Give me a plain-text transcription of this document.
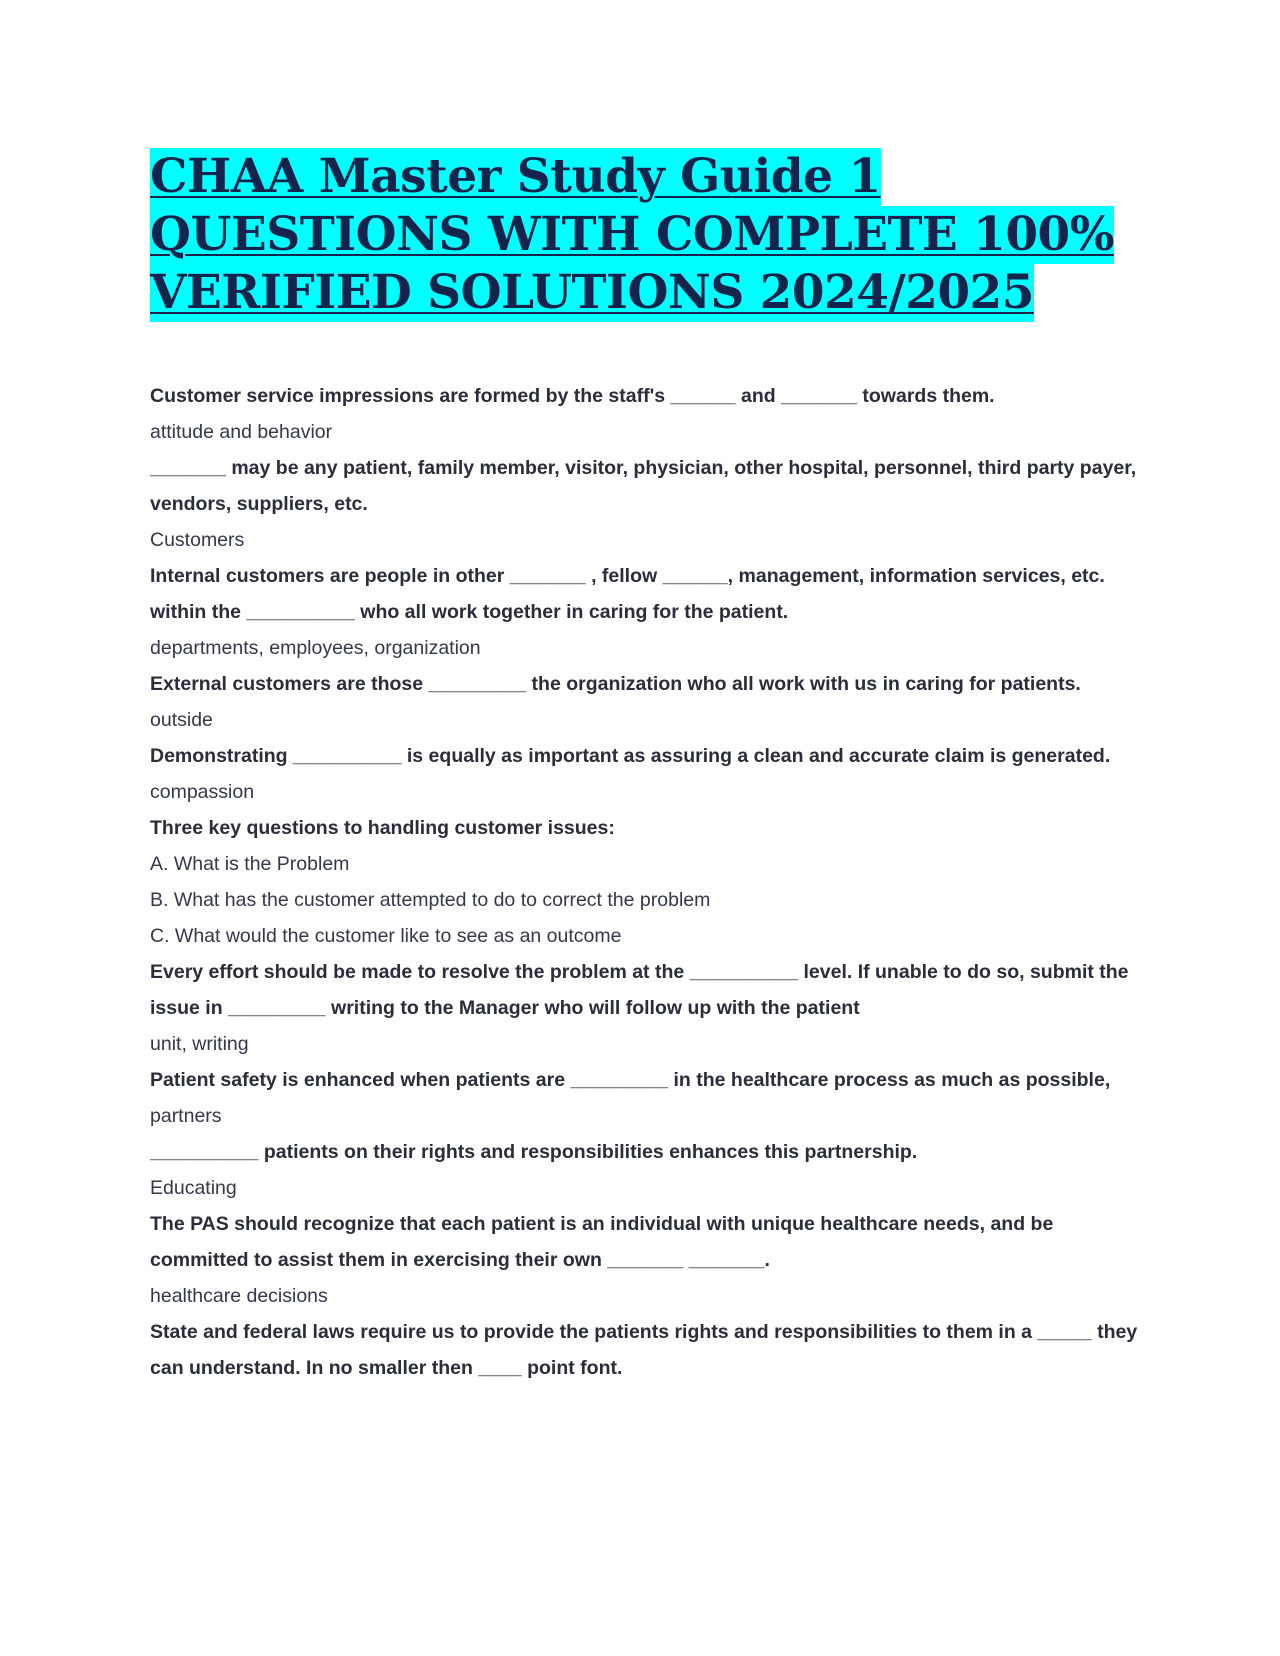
CHAA Master Study Guide 1
QUESTIONS WITH COMPLETE 100%
VERIFIED SOLUTIONS 2024/2025

Customer service impressions are formed by the staff's ______ and _______ towards them.

attitude and behavior

_______ may be any patient, family member, visitor, physician, other hospital, personnel, third party payer, vendors, suppliers, etc.

Customers

Internal customers are people in other _______ , fellow ______, management, information services, etc. within the __________ who all work together in caring for the patient.

departments, employees, organization

External customers are those _________ the organization who all work with us in caring for patients.

outside

Demonstrating __________ is equally as important as assuring a clean and accurate claim is generated.

compassion

Three key questions to handling customer issues:

A. What is the Problem

B. What has the customer attempted to do to correct the problem

C. What would the customer like to see as an outcome

Every effort should be made to resolve the problem at the __________ level. If unable to do so, submit the issue in _________ writing to the Manager who will follow up with the patient

unit, writing

Patient safety is enhanced when patients are _________ in the healthcare process as much as possible,

partners

__________ patients on their rights and responsibilities enhances this partnership.

Educating

The PAS should recognize that each patient is an individual with unique healthcare needs, and be committed to assist them in exercising their own _______ _______.

healthcare decisions

State and federal laws require us to provide the patients rights and responsibilities to them in a _____ they can understand. In no smaller then ____ point font.
